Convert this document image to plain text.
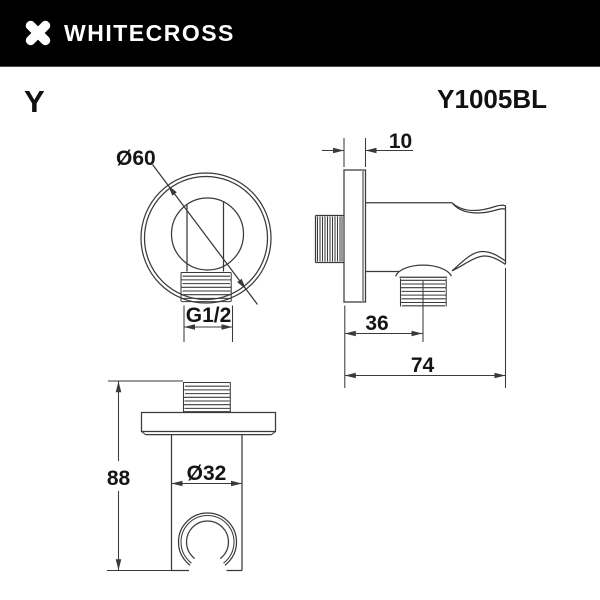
WHITECROSS
Y	Y1005BL
Ø60
G1/2
10
36
74
Ø32
88
